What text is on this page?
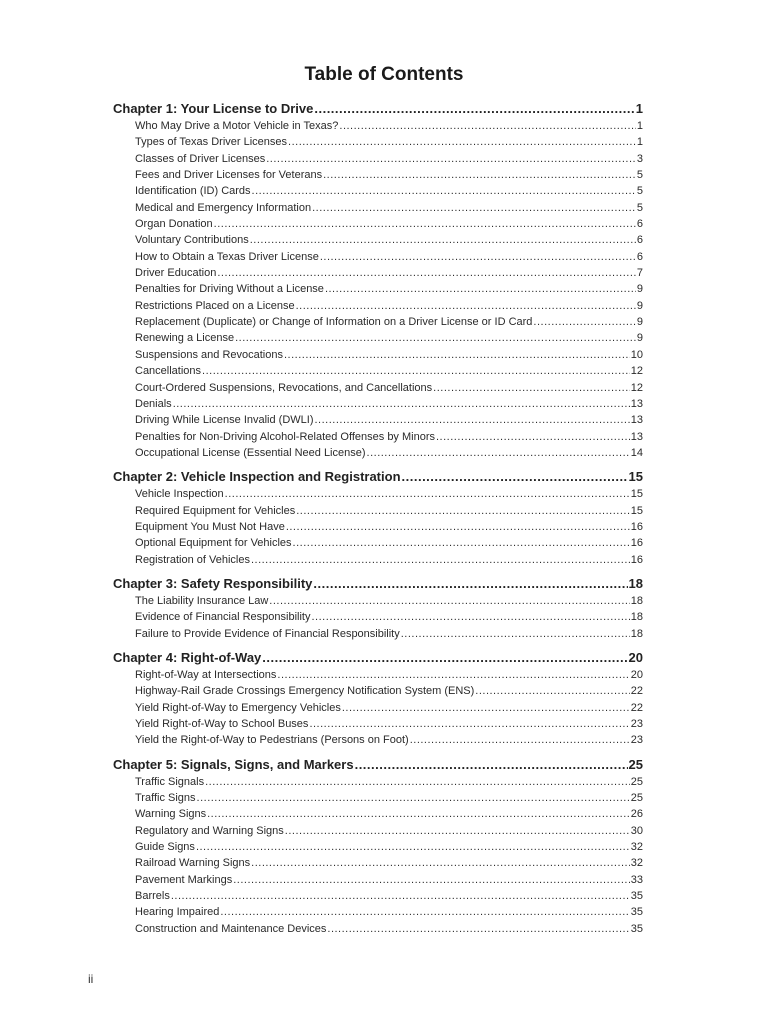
Table of Contents
Chapter 1: Your License to Drive .....	1
Who May Drive a Motor Vehicle in Texas? .....	1
Types of Texas Driver Licenses .....	1
Classes of Driver Licenses .....	3
Fees and Driver Licenses for Veterans .....	5
Identification (ID) Cards .....	5
Medical and Emergency Information .....	5
Organ Donation .....	6
Voluntary Contributions .....	6
How to Obtain a Texas Driver License .....	6
Driver Education .....	7
Penalties for Driving Without a License .....	9
Restrictions Placed on a License .....	9
Replacement (Duplicate) or Change of Information on a Driver License or ID Card .....	9
Renewing a License .....	9
Suspensions and Revocations .....	10
Cancellations .....	12
Court-Ordered Suspensions, Revocations, and Cancellations .....	12
Denials .....	13
Driving While License Invalid (DWLI) .....	13
Penalties for Non-Driving Alcohol-Related Offenses by Minors .....	13
Occupational License (Essential Need License) .....	14
Chapter 2: Vehicle Inspection and Registration .....	15
Vehicle Inspection .....	15
Required Equipment for Vehicles .....	15
Equipment You Must Not Have .....	16
Optional Equipment for Vehicles .....	16
Registration of Vehicles .....	16
Chapter 3: Safety Responsibility .....	18
The Liability Insurance Law .....	18
Evidence of Financial Responsibility .....	18
Failure to Provide Evidence of Financial Responsibility .....	18
Chapter 4: Right-of-Way .....	20
Right-of-Way at Intersections .....	20
Highway-Rail Grade Crossings Emergency Notification System (ENS) .....	22
Yield Right-of-Way to Emergency Vehicles .....	22
Yield Right-of-Way to School Buses .....	23
Yield the Right-of-Way to Pedestrians (Persons on Foot) .....	23
Chapter 5: Signals, Signs, and Markers .....	25
Traffic Signals .....	25
Traffic Signs .....	25
Warning Signs .....	26
Regulatory and Warning Signs .....	30
Guide Signs .....	32
Railroad Warning Signs .....	32
Pavement Markings .....	33
Barrels .....	35
Hearing Impaired .....	35
Construction and Maintenance Devices .....	35
ii
